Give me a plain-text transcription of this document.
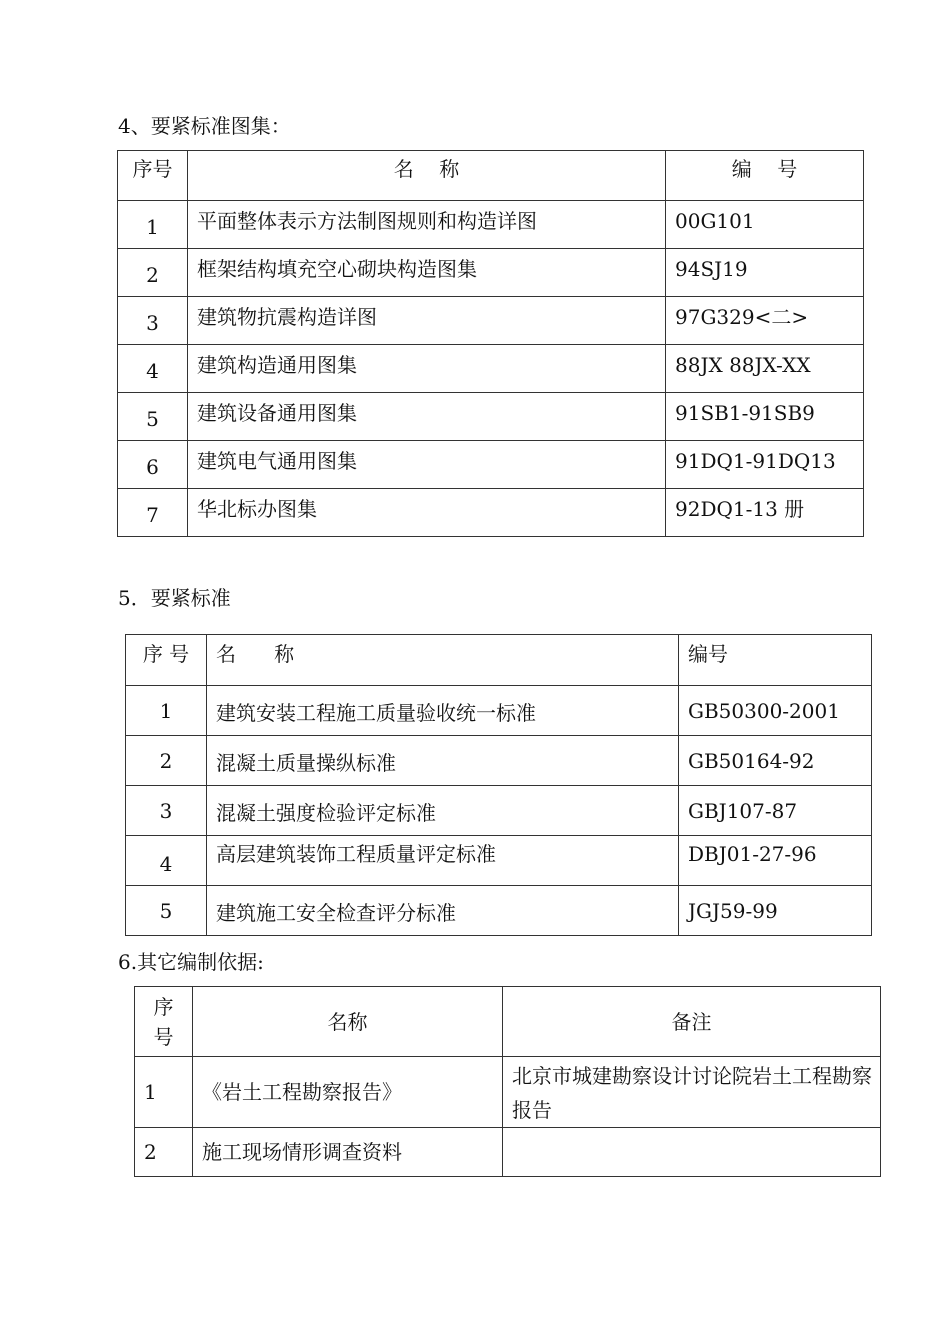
4、要紧标准图集：
序号	名    称	编    号
1	平面整体表示方法制图规则和构造详图	00G101
2	框架结构填充空心砌块构造图集	94SJ19
3	建筑物抗震构造详图	97G329<二>
4	建筑构造通用图集	88JX 88JX-XX
5	建筑设备通用图集	91SB1-91SB9
6	建筑电气通用图集	91DQ1-91DQ13
7	华北标办图集	92DQ1-13 册
5．要紧标准
序 号	名      称	编号
1	建筑安装工程施工质量验收统一标准	GB50300-2001
2	混凝土质量操纵标准	GB50164-92
3	混凝土强度检验评定标准	GBJ107-87
4	高层建筑装饰工程质量评定标准	DBJ01-27-96
5	建筑施工安全检查评分标准	JGJ59-99
6.其它编制依据:
序
号	名称	备注
1	《岩土工程勘察报告》	北京市城建勘察设计讨论院岩土工程勘察报告
2	施工现场情形调查资料	
